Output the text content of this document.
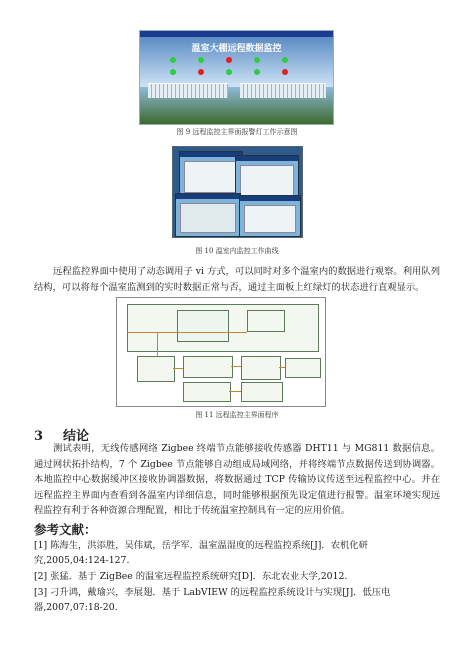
温室大棚远程数据监控
图 9 远程监控主界面报警灯工作示意图
图 10 温室内监控工作曲线
远程监控界面中使用了动态调用子 vi 方式，可以同时对多个温室内的数据进行观察。利用队列结构，可以将每个温室监测到的实时数据正常与否，通过主面板上红绿灯的状态进行直观显示。
图 11 远程监控主界面程序
3 结论
测试表明，无线传感网络 Zigbee 终端节点能够接收传感器 DHT11 与 MG811 数据信息。通过网状拓扑结构，7 个 Zigbee 节点能够自动组成局域网络，并将终端节点数据传送到协调器。本地监控中心数据缓冲区接收协调器数据，将数据通过 TCP 传输协议传送至远程监控中心。并在远程监控主界面内查看到各温室内详细信息，同时能够根据预先设定值进行报警。温室环境实现远程监控有利于各种资源合理配置，相比于传统温室控制具有一定的应用价值。
参考文献：
[1] 陈海生，洪添胜，吴伟斌，岳学军．温室温湿度的远程监控系统[J]．农机化研究,2005,04:124-127.
[2] 张猛．基于 ZigBee 的温室远程监控系统研究[D]．东北农业大学,2012.
[3] 刁升鸿，戴瑜兴，李展翅．基于 LabVIEW 的远程监控系统设计与实现[J]．低压电器,2007,07:18-20.
